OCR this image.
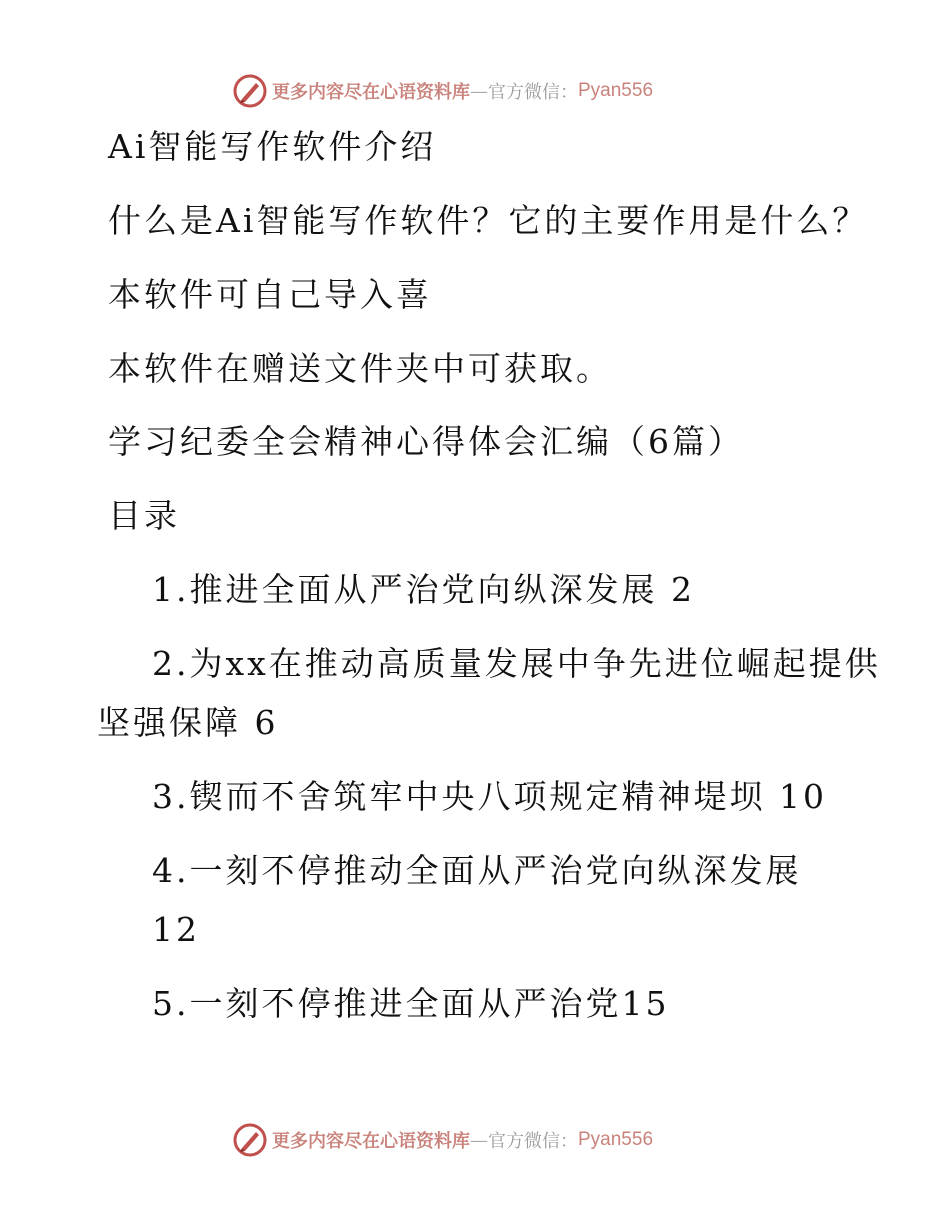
更多内容尽在心语资料库 — 官方微信： Pyan556
Ai智能写作软件介绍
什么是Ai智能写作软件？它的主要作用是什么？
本软件可自己导入喜
本软件在赠送文件夹中可获取。
学习纪委全会精神心得体会汇编（6篇）
目录
1.推进全面从严治党向纵深发展 2
2.为xx在推动高质量发展中争先进位崛起提供
坚强保障 6
3.锲而不舍筑牢中央八项规定精神堤坝 10
4.一刻不停推动全面从严治党向纵深发展
12
5.一刻不停推进全面从严治党15
更多内容尽在心语资料库 — 官方微信： Pyan556
